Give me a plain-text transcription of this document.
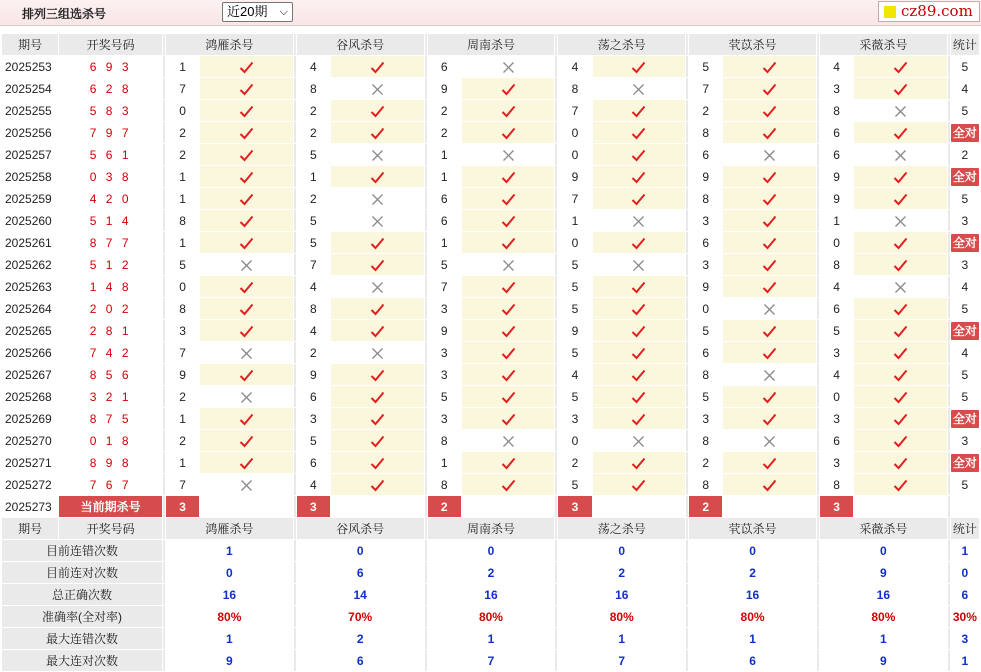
排列三组选杀号	近20期 ⌵	cz89.com
期号	开奖号码		鸿雁杀号			谷风杀号			周南杀号			荡之杀号			茕苡杀号			采薇杀号			统计
2025253	6 9 3		1			4			6			4			5			4			5
2025254	6 2 8		7			8			9			8			7			3			4
2025255	5 8 3		0			2			2			7			2			8			5
2025256	7 9 7		2			2			2			0			8			6			全对
2025257	5 6 1		2			5			1			0			6			6			2
2025258	0 3 8		1			1			1			9			9			9			全对
2025259	4 2 0		1			2			6			7			8			9			5
2025260	5 1 4		8			5			6			1			3			1			3
2025261	8 7 7		1			5			1			0			6			0			全对
2025262	5 1 2		5			7			5			5			3			8			3
2025263	1 4 8		0			4			7			5			9			4			4
2025264	2 0 2		8			8			3			5			0			6			5
2025265	2 8 1		3			4			9			9			5			5			全对
2025266	7 4 2		7			2			3			5			6			3			4
2025267	8 5 6		9			9			3			4			8			4			5
2025268	3 2 1		2			6			5			5			5			0			5
2025269	8 7 5		1			3			3			3			3			3			全对
2025270	0 1 8		2			5			8			0			8			6			3
2025271	8 9 8		1			6			1			2			2			3			全对
2025272	7 6 7		7			4			8			5			8			8			5
2025273	当前期杀号		3			3			2			3			2			3			
期号	开奖号码		鸿雁杀号			谷风杀号			周南杀号			荡之杀号			茕苡杀号			采薇杀号			统计
目前连错次数			1			0			0			0			0			0			1
目前连对次数			0			6			2			2			2			9			0
总正确次数			16			14			16			16			16			16			6
准确率(全对率)			80%			70%			80%			80%			80%			80%			30%
最大连错次数			1			2			1			1			1			1			3
最大连对次数			9			6			7			7			6			9			1
